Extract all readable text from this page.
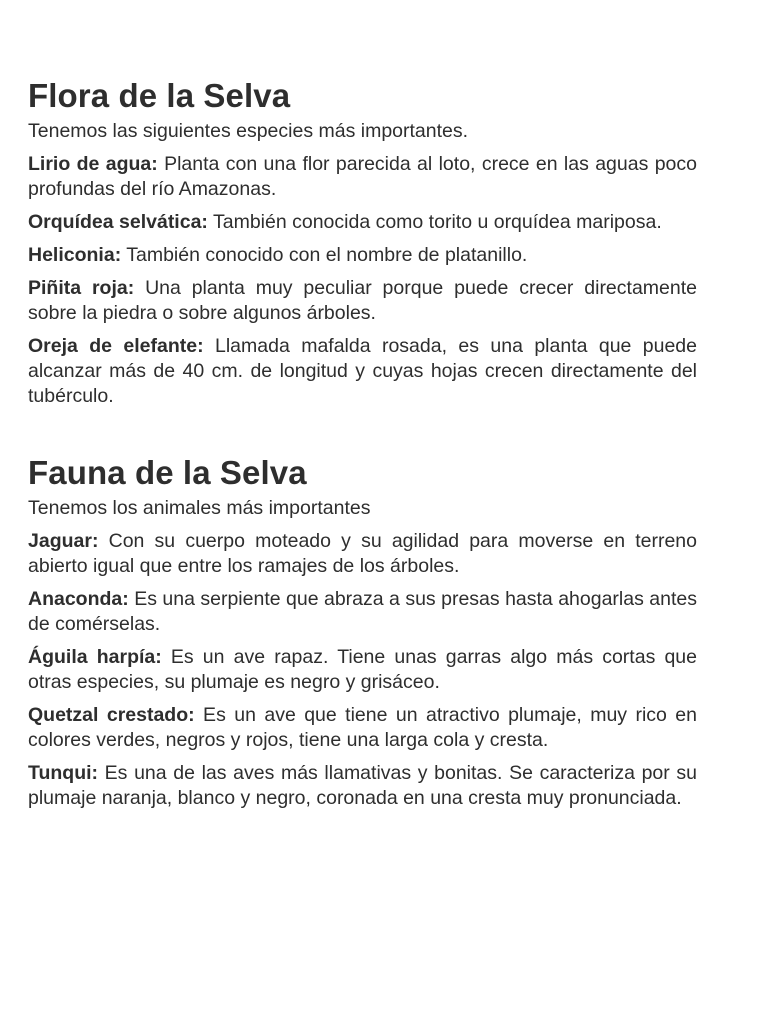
Flora de la Selva

Tenemos las siguientes especies más importantes.

Lirio de agua: Planta con una flor parecida al loto, crece en las aguas poco profundas del río Amazonas.

Orquídea selvática: También conocida como torito u orquídea mariposa.

Heliconia: También conocido con el nombre de platanillo.

Piñita roja: Una planta muy peculiar porque puede crecer directamente sobre la piedra o sobre algunos árboles.

Oreja de elefante: Llamada mafalda rosada, es una planta que puede alcanzar más de 40 cm. de longitud y cuyas hojas crecen directamente del tubérculo.

Fauna de la Selva

Tenemos los animales más importantes

Jaguar: Con su cuerpo moteado y su agilidad para moverse en terreno abierto igual que entre los ramajes de los árboles.

Anaconda: Es una serpiente que abraza a sus presas hasta ahogarlas antes de comérselas.

Águila harpía: Es un ave rapaz. Tiene unas garras algo más cortas que otras especies, su plumaje es negro y grisáceo.

Quetzal crestado: Es un ave que tiene un atractivo plumaje, muy rico en colores verdes, negros y rojos, tiene una larga cola y cresta.

Tunqui: Es una de las aves más llamativas y bonitas. Se caracteriza por su plumaje naranja, blanco y negro, coronada en una cresta muy pronunciada.
